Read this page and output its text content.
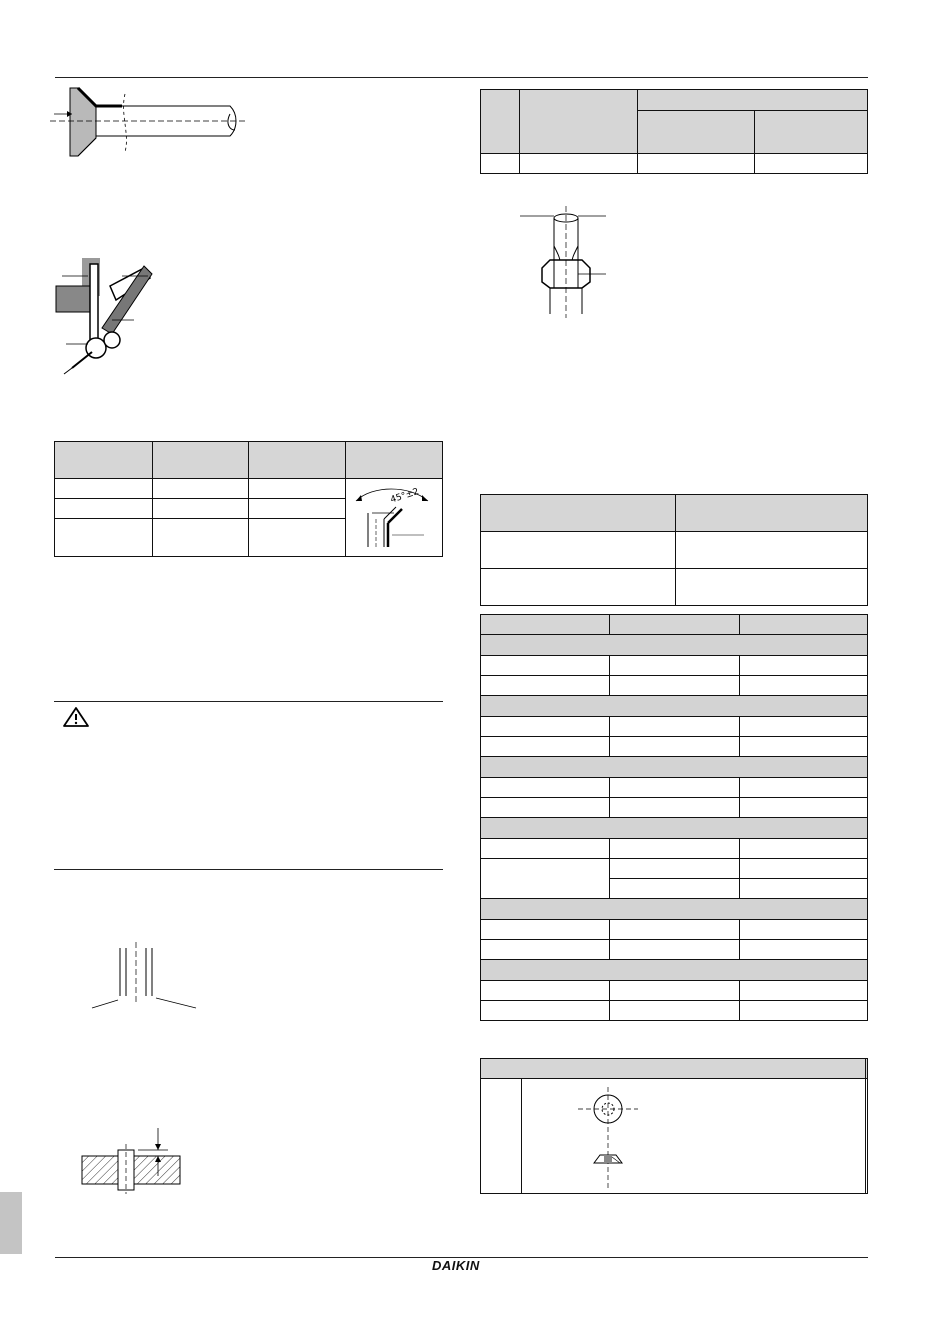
45°±2

DAIKIN
